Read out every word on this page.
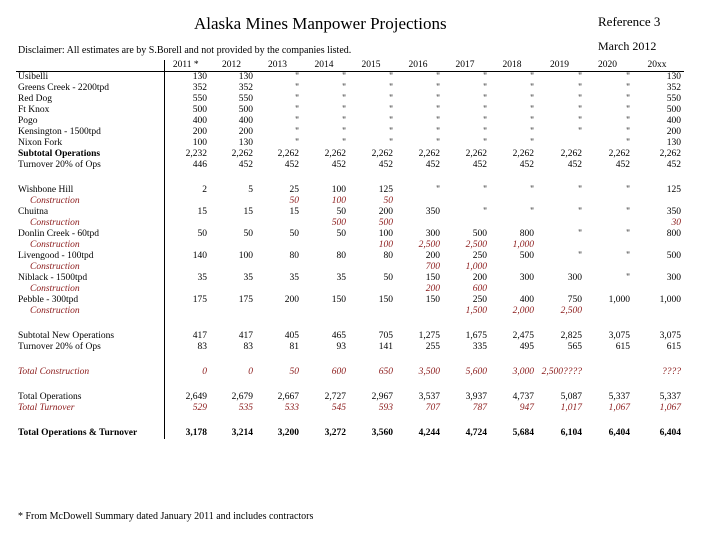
Alaska Mines Manpower Projections	Reference 3
March 2012
Disclaimer: All estimates are by S.Borell and not provided by the companies listed.
	2011 *	2012	2013	2014	2015	2016	2017	2018	2019	2020	20xx
Usibelli	130	130	"	"	"	"	"	"	"	"	130
Greens Creek - 2200tpd	352	352	"	"	"	"	"	"	"	"	352
Red Dog	550	550	"	"	"	"	"	"	"	"	550
Ft Knox	500	500	"	"	"	"	"	"	"	"	500
Pogo	400	400	"	"	"	"	"	"	"	"	400
Kensington - 1500tpd	200	200	"	"	"	"	"	"	"	"	200
Nixon Fork	100	130	"	"	"	"	"	"		"	130
Subtotal Operations	2,232	2,262	2,262	2,262	2,262	2,262	2,262	2,262	2,262	2,262	2,262
Turnover 20% of Ops	446	452	452	452	452	452	452	452	452	452	452

Wishbone Hill	2	5	25	100	125	"	"	"	"	"	125
Construction			50	100	50						
Chuitna	15	15	15	50	200	350	"	"	"	"	350
Construction				500	500						30
Donlin Creek - 60tpd	50	50	50	50	100	300	500	800	"	"	800
Construction					100	2,500	2,500	1,000			
Livengood - 100tpd	140	100	80	80	80	200	250	500	"	"	500
Construction						700	1,000				
Niblack - 1500tpd	35	35	35	35	50	150	200	300	300	"	300
Construction						200	600				
Pebble - 300tpd	175	175	200	150	150	150	250	400	750	1,000	1,000
Construction							1,500	2,000	2,500		

Subtotal New Operations	417	417	405	465	705	1,275	1,675	2,475	2,825	3,075	3,075
Turnover 20% of Ops	83	83	81	93	141	255	335	495	565	615	615

Total Construction	0	0	50	600	650	3,500	5,600	3,000	2,500????		????

Total Operations	2,649	2,679	2,667	2,727	2,967	3,537	3,937	4,737	5,087	5,337	5,337
Total Turnover	529	535	533	545	593	707	787	947	1,017	1,067	1,067

Total Operations & Turnover	3,178	3,214	3,200	3,272	3,560	4,244	4,724	5,684	6,104	6,404	6,404
* From McDowell Summary dated January 2011 and includes contractors
